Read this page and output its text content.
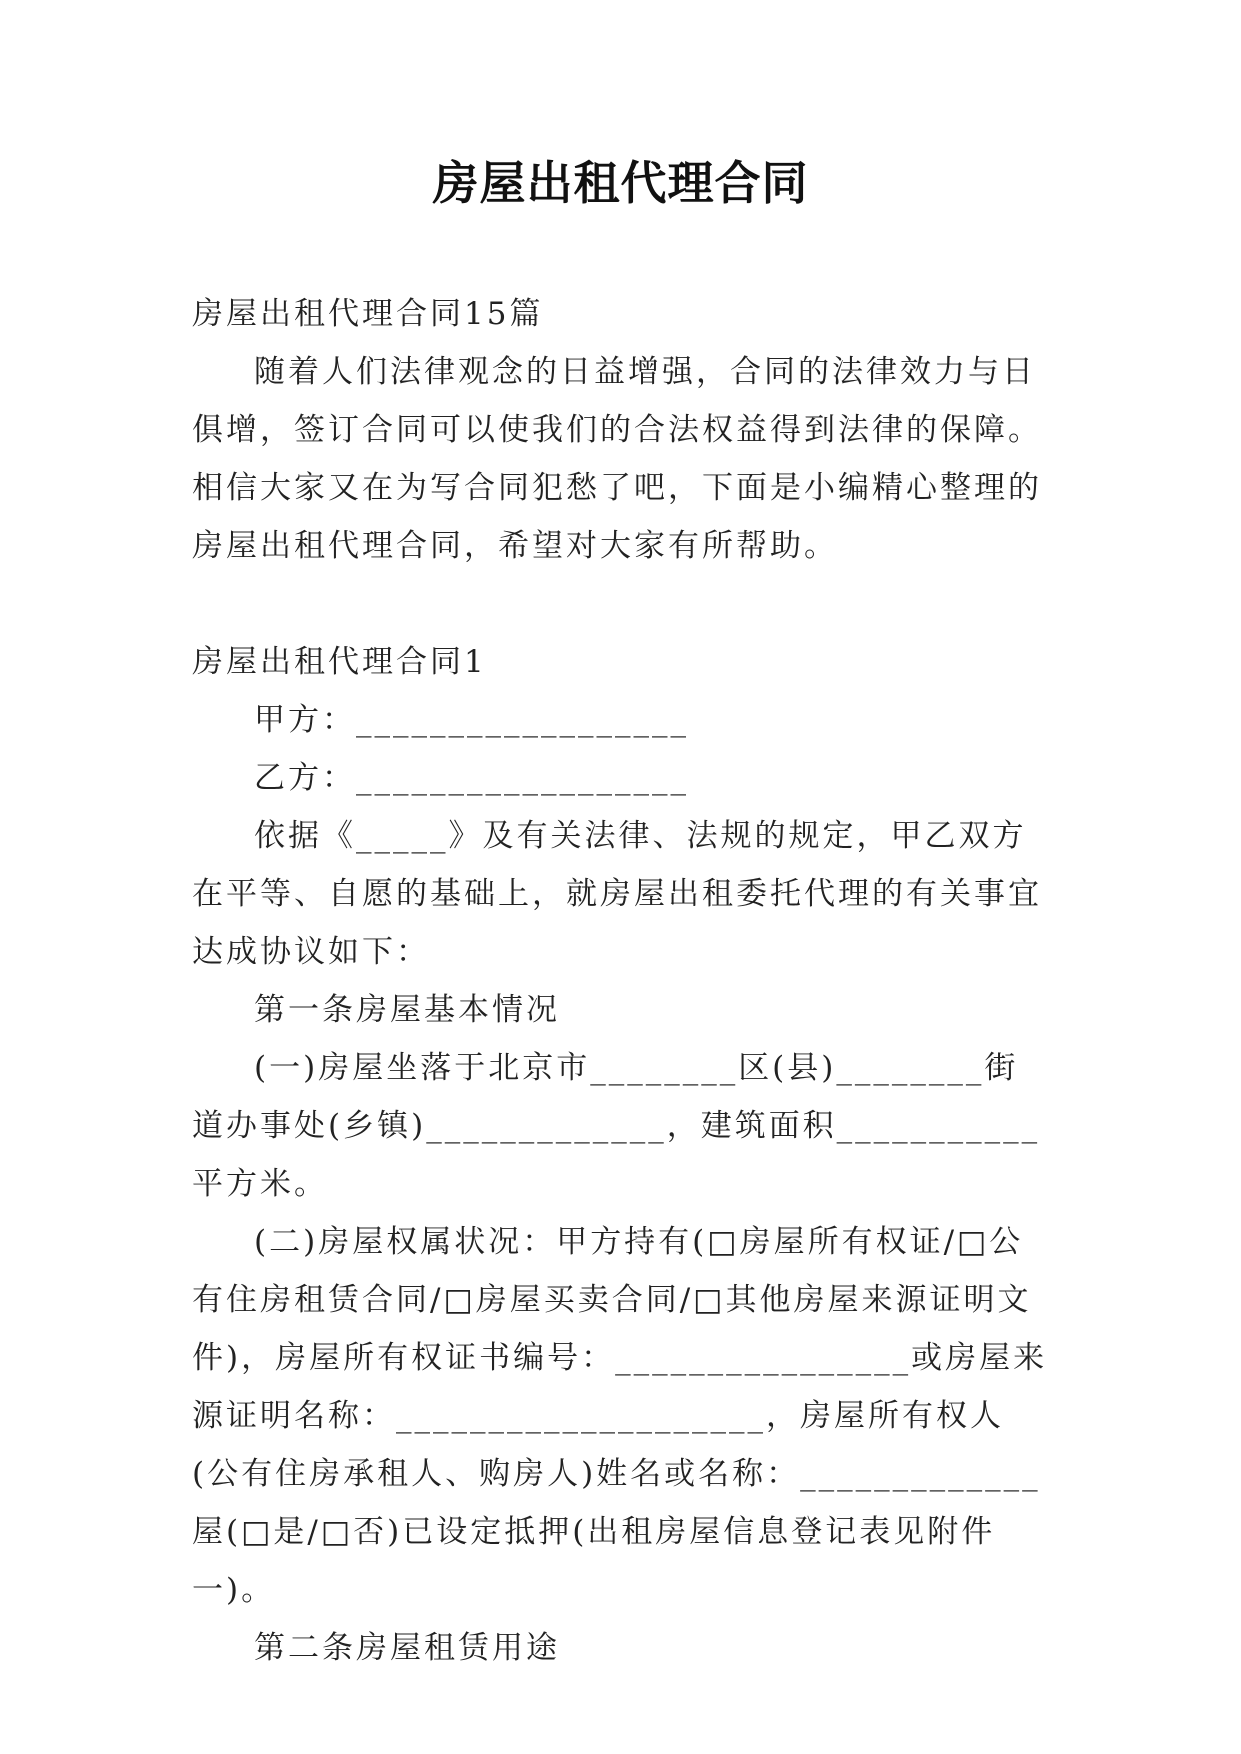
房屋出租代理合同

房屋出租代理合同15篇

随着人们法律观念的日益增强，合同的法律效力与日俱增，签订合同可以使我们的合法权益得到法律的保障。相信大家又在为写合同犯愁了吧，下面是小编精心整理的房屋出租代理合同，希望对大家有所帮助。

房屋出租代理合同1

甲方：__________________

乙方：__________________

依据《_____》及有关法律、法规的规定，甲乙双方在平等、自愿的基础上，就房屋出租委托代理的有关事宜达成协议如下：

第一条房屋基本情况

(一)房屋坐落于北京市________区(县)________街道办事处(乡镇)_____________，建筑面积___________平方米。

(二)房屋权属状况：甲方持有(□房屋所有权证/□公有住房租赁合同/□房屋买卖合同/□其他房屋来源证明文件)，房屋所有权证书编号：________________或房屋来源证明名称：____________________，房屋所有权人(公有住房承租人、购房人)姓名或名称：_____________屋(□是/□否)已设定抵押(出租房屋信息登记表见附件一)。

第二条房屋租赁用途
